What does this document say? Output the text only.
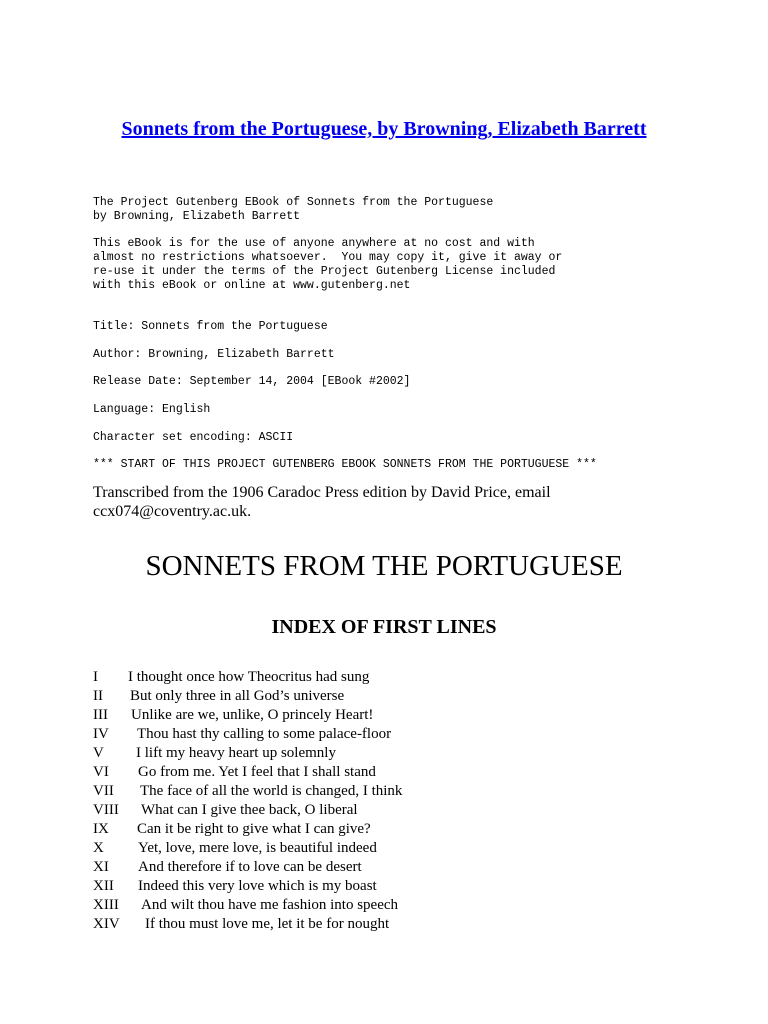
Sonnets from the Portuguese, by Browning, Elizabeth Barrett
The Project Gutenberg EBook of Sonnets from the Portuguese
by Browning, Elizabeth Barrett

This eBook is for the use of anyone anywhere at no cost and with
almost no restrictions whatsoever.  You may copy it, give it away or
re-use it under the terms of the Project Gutenberg License included
with this eBook or online at www.gutenberg.net
Title: Sonnets from the Portuguese
Author: Browning, Elizabeth Barrett
Release Date: September 14, 2004 [EBook #2002]
Language: English
Character set encoding: ASCII
*** START OF THIS PROJECT GUTENBERG EBOOK SONNETS FROM THE PORTUGUESE ***
Transcribed from the 1906 Caradoc Press edition by David Price, email ccx074@coventry.ac.uk.
SONNETS FROM THE PORTUGUESE
INDEX OF FIRST LINES
I I thought once how Theocritus had sung
II But only three in all God’s universe
III Unlike are we, unlike, O princely Heart!
IV Thou hast thy calling to some palace-floor
V I lift my heavy heart up solemnly
VI Go from me. Yet I feel that I shall stand
VII The face of all the world is changed, I think
VIII What can I give thee back, O liberal
IX Can it be right to give what I can give?
X Yet, love, mere love, is beautiful indeed
XI And therefore if to love can be desert
XII Indeed this very love which is my boast
XIII And wilt thou have me fashion into speech
XIV If thou must love me, let it be for nought
